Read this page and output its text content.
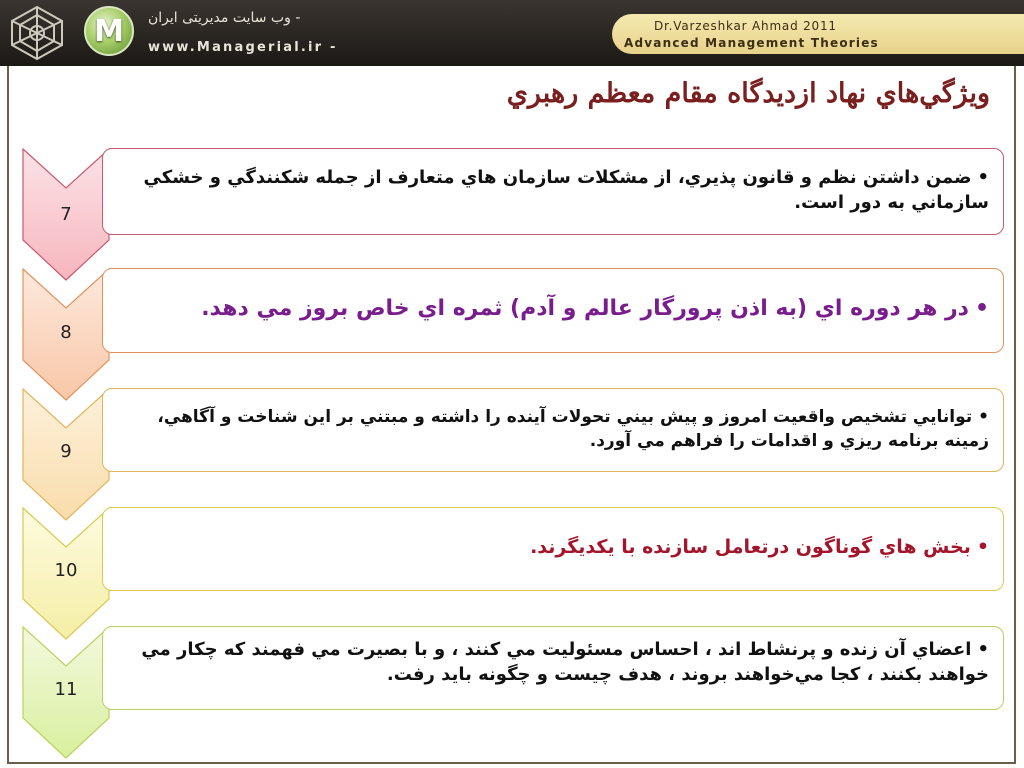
M - وب سایت مدیریتی ایران
www.Managerial.ir -
Dr.Varzeshkar Ahmad 2011
Advanced Management Theories
ويژگي‌هاي نهاد ازديدگاه مقام معظم رهبري
7
•ضمن داشتن نظم و قانون پذيري، از مشكلات سازمان هاي متعارف از جمله شكنندگي و خشكي سازماني به دور است.
8
•در هر دوره اي (به اذن پرورگار عالم و آدم) ثمره اي خاص بروز مي دهد.
9
•توانايي تشخيص واقعيت امروز و پيش بيني تحولات آينده را داشته و مبتني بر اين شناخت و آگاهي، زمينه برنامه ريزي و اقدامات را فراهم مي آورد.
10
•بخش هاي گوناگون درتعامل سازنده با يكديگرند.
11
•اعضاي آن زنده و پرنشاط اند ، احساس مسئوليت مي كنند ، و با بصيرت مي فهمند كه چكار مي خواهند بكنند ، كجا مي‌خواهند بروند ، هدف چيست و چگونه بايد رفت.
